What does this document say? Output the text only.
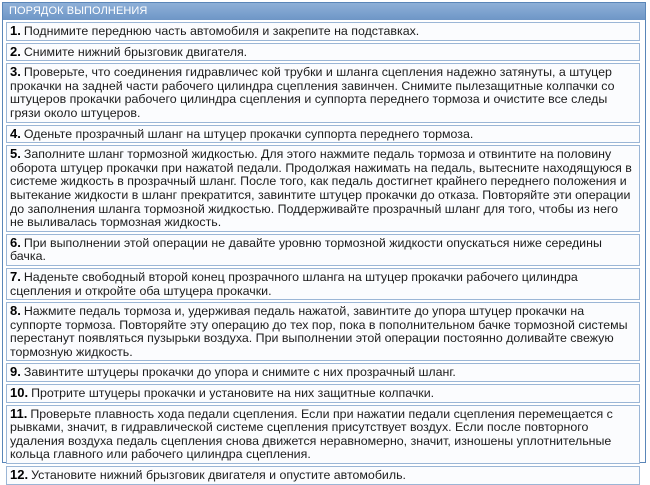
ПОРЯДОК ВЫПОЛНЕНИЯ
1. Поднимите переднюю часть автомобиля и закрепите на подставках.
2. Снимите нижний брызговик двигателя.
3. Проверьте, что соединения гидравличес кой трубки и шланга сцепления надежно затянуты, а штуцер прокачки на задней части рабочего цилиндра сцепления завинчен. Снимите пылезащитные колпачки со штуцеров прокачки рабочего цилиндра сцепления и суппорта переднего тормоза и очистите все следы грязи около штуцеров.
4. Оденьте прозрачный шланг на штуцер прокачки суппорта переднего тормоза.
5. Заполните шланг тормозной жидкостью. Для этого нажмите педаль тормоза и отвинтите на половину оборота штуцер прокачки при нажатой педали. Продолжая нажимать на педаль, вытесните находящуюся в системе жидкость в прозрачный шланг. После того, как педаль достигнет крайнего переднего положения и вытекание жидкости в шланг прекратится, завинтите штуцер прокачки до отказа. Повторяйте эти операции до заполнения шланга тормозной жидкостью. Поддерживайте прозрачный шланг для того, чтобы из него не выливалась тормозная жидкость.
6. При выполнении этой операции не давайте уровню тормозной жидкости опускаться ниже середины бачка.
7. Наденьте свободный второй конец прозрачного шланга на штуцер прокачки рабочего цилиндра сцепления и откройте оба штуцера прокачки.
8. Нажмите педаль тормоза и, удерживая педаль нажатой, завинтите до упора штуцер прокачки на суппорте тормоза. Повторяйте эту операцию до тех пор, пока в пополнительном бачке тормозной системы перестанут появляться пузырьки воздуха. При выполнении этой операции постоянно доливайте свежую тормозную жидкость.
9. Завинтите штуцеры прокачки до упора и снимите с них прозрачный шланг.
10. Протрите штуцеры прокачки и установите на них защитные колпачки.
11. Проверьте плавность хода педали сцепления. Если при нажатии педали сцепления перемещается с рывками, значит, в гидравлической системе сцепления присутствует воздух. Если после повторного удаления воздуха педаль сцепления снова движется неравномерно, значит, изношены уплотнительные кольца главного или рабочего цилиндра сцепления.
12. Установите нижний брызговик двигателя и опустите автомобиль.
